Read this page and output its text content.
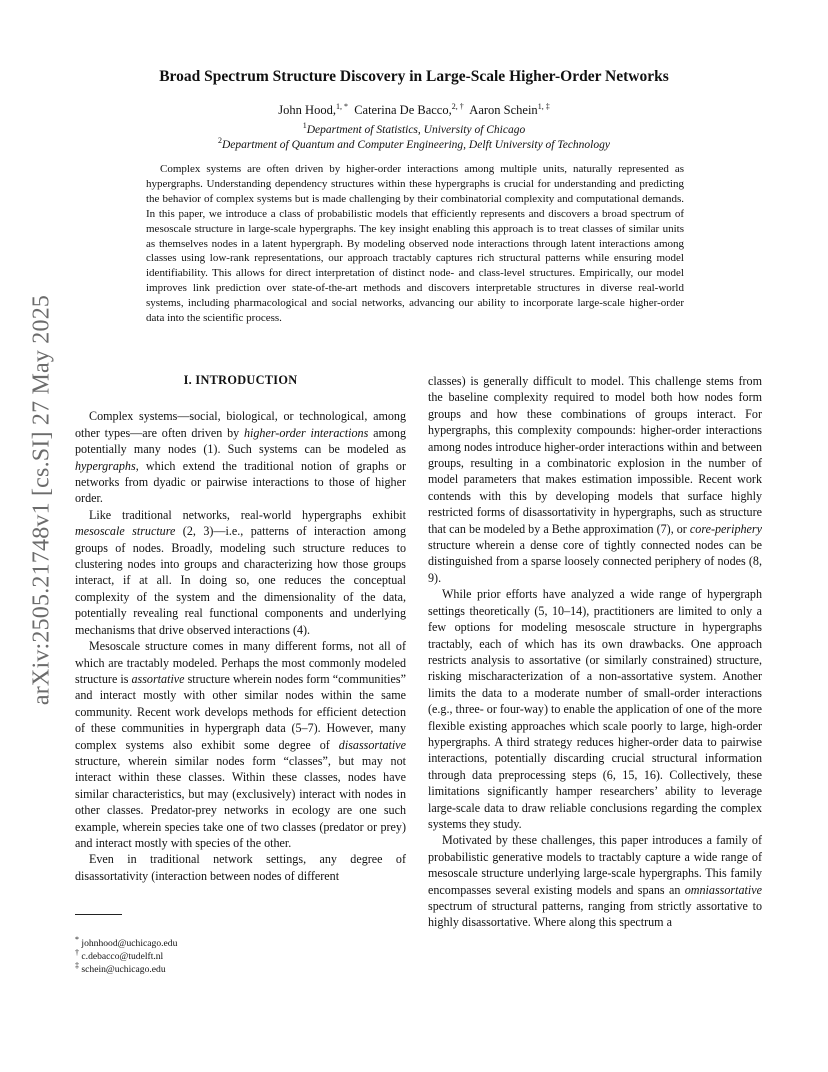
arXiv:2505.21748v1 [cs.SI] 27 May 2025
Broad Spectrum Structure Discovery in Large-Scale Higher-Order Networks
John Hood,$^{1, *}$ Caterina De Bacco,$^{2, \dagger}$ Aaron Schein$^{1, \ddagger}$
$^1$Department of Statistics, University of Chicago
$^2$Department of Quantum and Computer Engineering, Delft University of Technology

Complex systems are often driven by higher-order interactions among multiple units, naturally represented as hypergraphs. Understanding dependency structures within these hypergraphs is crucial for understanding and predicting the behavior of complex systems but is made challenging by their combinatorial complexity and computational demands. In this paper, we introduce a class of probabilistic models that efficiently represents and discovers a broad spectrum of mesoscale structure in large-scale hypergraphs. The key insight enabling this approach is to treat classes of similar units as themselves nodes in a latent hypergraph. By modeling observed node interactions through latent interactions among classes using low-rank representations, our approach tractably captures rich structural patterns while ensuring model identifiability. This allows for direct interpretation of distinct node- and class-level structures. Empirically, our model improves link prediction over state-of-the-art methods and discovers interpretable structures in diverse real-world systems, including pharmacological and social networks, advancing our ability to incorporate large-scale higher-order data into the scientific process.

I. INTRODUCTION

Complex systems—social, biological, or technological, among other types—are often driven by higher-order interactions among potentially many nodes (1). Such systems can be modeled as hypergraphs, which extend the traditional notion of graphs or networks from dyadic or pairwise interactions to those of higher order.

Like traditional networks, real-world hypergraphs exhibit mesoscale structure (2, 3)—i.e., patterns of interaction among groups of nodes. Broadly, modeling such structure reduces to clustering nodes into groups and characterizing how those groups interact, if at all. In doing so, one reduces the conceptual complexity of the system and the dimensionality of the data, potentially revealing real functional components and underlying mechanisms that drive observed interactions (4).

Mesoscale structure comes in many different forms, not all of which are tractably modeled. Perhaps the most commonly modeled structure is assortative structure wherein nodes form “communities” and interact mostly with other similar nodes within the same community. Recent work develops methods for efficient detection of these communities in hypergraph data (5–7). However, many complex systems also exhibit some degree of disassortative structure, wherein similar nodes form “classes”, but may not interact within these classes. Within these classes, nodes have similar characteristics, but may (exclusively) interact with nodes in other classes. Predator-prey networks in ecology are one such example, wherein species take one of two classes (predator or prey) and interact mostly with species of the other.

Even in traditional network settings, any degree of disassortativity (interaction between nodes of different

classes) is generally difficult to model. This challenge stems from the baseline complexity required to model both how nodes form groups and how these combinations of groups interact. For hypergraphs, this complexity compounds: higher-order interactions among nodes introduce higher-order interactions within and between groups, resulting in a combinatoric explosion in the number of model parameters that makes estimation impossible. Recent work contends with this by developing models that surface highly restricted forms of disassortativity in hypergraphs, such as structure that can be modeled by a Bethe approximation (7), or core-periphery structure wherein a dense core of tightly connected nodes can be distinguished from a sparse loosely connected periphery of nodes (8, 9).

While prior efforts have analyzed a wide range of hypergraph settings theoretically (5, 10–14), practitioners are limited to only a few options for modeling mesoscale structure in hypergraphs tractably, each of which has its own drawbacks. One approach restricts analysis to assortative (or similarly constrained) structure, risking mischaracterization of a non-assortative system. Another limits the data to a moderate number of small-order interactions (e.g., three- or four-way) to enable the application of one of the more flexible existing approaches which scale poorly to large, high-order hypergraphs. A third strategy reduces higher-order data to pairwise interactions, potentially discarding crucial structural information through data preprocessing steps (6, 15, 16). Collectively, these limitations significantly hamper researchers’ ability to leverage large-scale data to draw reliable conclusions regarding the complex systems they study.

Motivated by these challenges, this paper introduces a family of probabilistic generative models to tractably capture a wide range of mesoscale structure underlying large-scale hypergraphs. This family encompasses several existing models and spans an omniassortative spectrum of structural patterns, ranging from strictly assortative to highly disassortative. Where along this spectrum a

* johnhood@uchicago.edu
† c.debacco@tudelft.nl
‡ schein@uchicago.edu
